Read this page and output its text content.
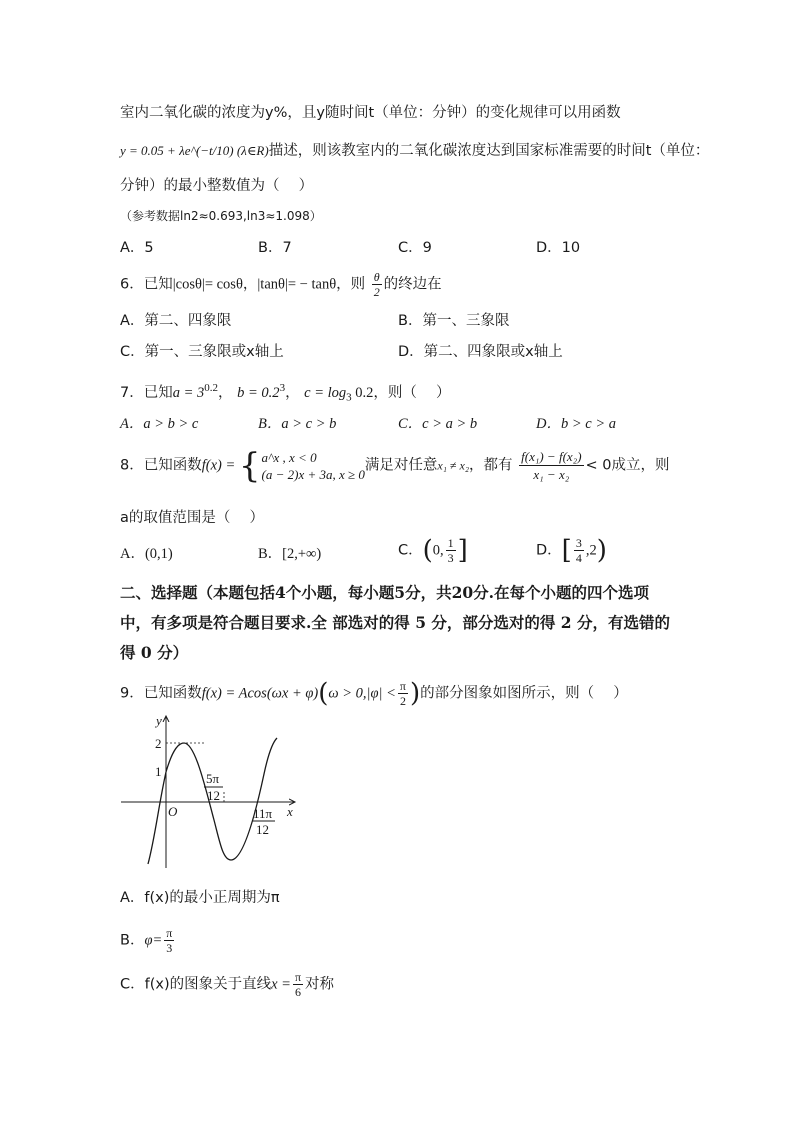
室内二氧化碳的浓度为y%，且y随时间t（单位：分钟）的变化规律可以用函数
y = 0.05 + λe^(−t/10) (λ∈R)描述，则该教室内的二氧化碳浓度达到国家标准需要的时间t（单位：
分钟）的最小整数值为（　 ）
（参考数据ln2≈0.693,ln3≈1.098）
A．5	B．7	C．9	D．10
6．已知|cosθ|= cosθ，|tanθ|= − tanθ，则 $\frac{\theta}{2}$ 的终边在
A．第二、四象限	B．第一、三象限
C．第一、三象限或x轴上	D．第二、四象限或x轴上
7．已知$a = 3^{0.2}$， $b = 0.2^3$， $c = \log_3 0.2$，则（　 ）
A．a > b > c	B．a > c > b	C．c > a > b	D．b > c > a
8．已知函数f(x) = { a^x , x < 0
(a − 2)x + 3a, x ≥ 0
满足对任意x₁ ≠ x₂，都有 $\frac{\text{f(x₁) − f(x₂)}}{\text{x₁ − x₂}} < 0$成立，则
a的取值范围是（　 ）
A．(0,1)	B．[2,+∞)	C．(0, $\frac{1}{3}$ ]	D．[ $\frac{3}{4} ,2$)
二、选择题（本题包括4个小题，每小题5分，共20分.在每个小题的四个选项中，有多项是符合题目要求.全 部选对的得 5 分，部分选对的得 2 分，有选错的得 0 分）
9．已知函数$f(x) = Acos(\omega x + \varphi)(\omega > 0,|\varphi| < \frac{\pi}{2}$ )的部分图象如图所示，则（　 ）
y
x
O
2
1	5π
12
11π
12
A．f(x)的最小正周期为π
B．$\varphi= \frac{\pi}{3}$
C．f(x)的图象关于直线$x = \frac{\pi}{6}$ 对称
